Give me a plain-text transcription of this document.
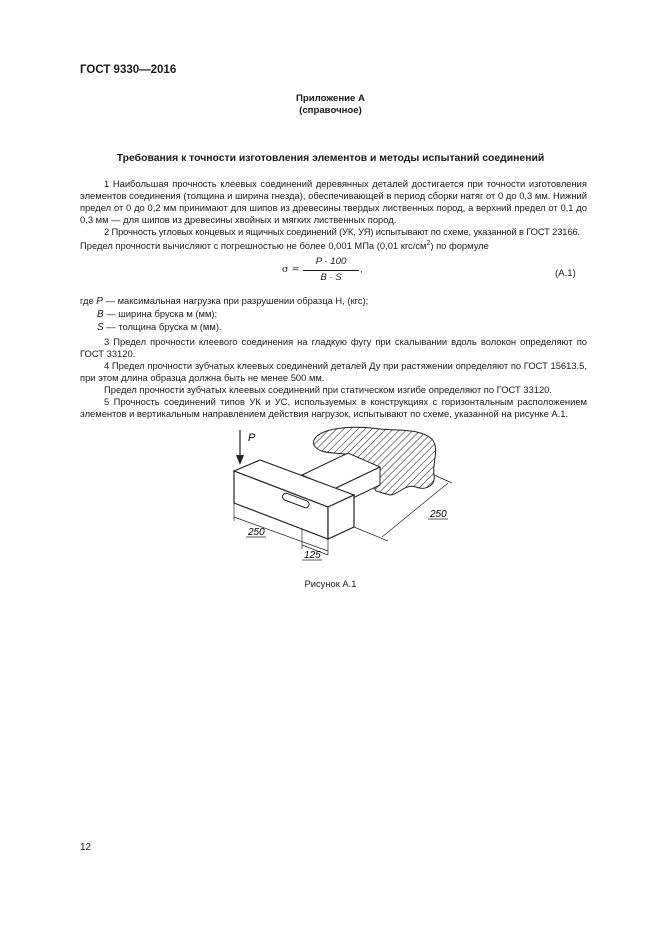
ГОСТ 9330—2016
Приложение А
(справочное)
Требования к точности изготовления элементов и методы испытаний соединений
1 Наибольшая прочность клеевых соединений деревянных деталей достигается при точности изготовления элементов соединения (толщина и ширина гнезда), обеспечивающей в период сборки натяг от 0 до 0,3 мм. Нижний предел от 0 до 0,2 мм принимают для шипов из древесины твердых лиственных пород, а верхний предел от 0,1 до 0,3 мм — для шипов из древесины хвойных и мягких лиственных пород.
2 Прочность угловых концевых и ящичных соединений (УК, УЯ) испытывают по схеме, указанной в ГОСТ 23166.
Предел прочности вычисляют с погрешностью не более 0,001 МПа (0,01 кгс/$см^2$) по формуле
σ =
P · 100
B · S
,	(А.1)
где P — максимальная нагрузка при разрушении образца Н, (кгс);
B — ширина бруска м (мм);
S — толщина бруска м (мм).
3 Предел прочности клеевого соединения на гладкую фугу при скалывании вдоль волокон определяют по ГОСТ 33120.
4 Предел прочности зубчатых клеевых соединений деталей Ду при растяжении определяют по ГОСТ 15613.5, при этом длина образца должна быть не менее 500 мм.
Предел прочности зубчатых клеевых соединений при статическом изгибе определяют по ГОСТ 33120.
5 Прочность соединений типов УК и УС, используемых в конструкциях с горизонтальным расположением элементов и вертикальным направлением действия нагрузок, испытывают по схеме, указанной на рисунке А.1.
P
250
125
250
Рисунок А.1
12
